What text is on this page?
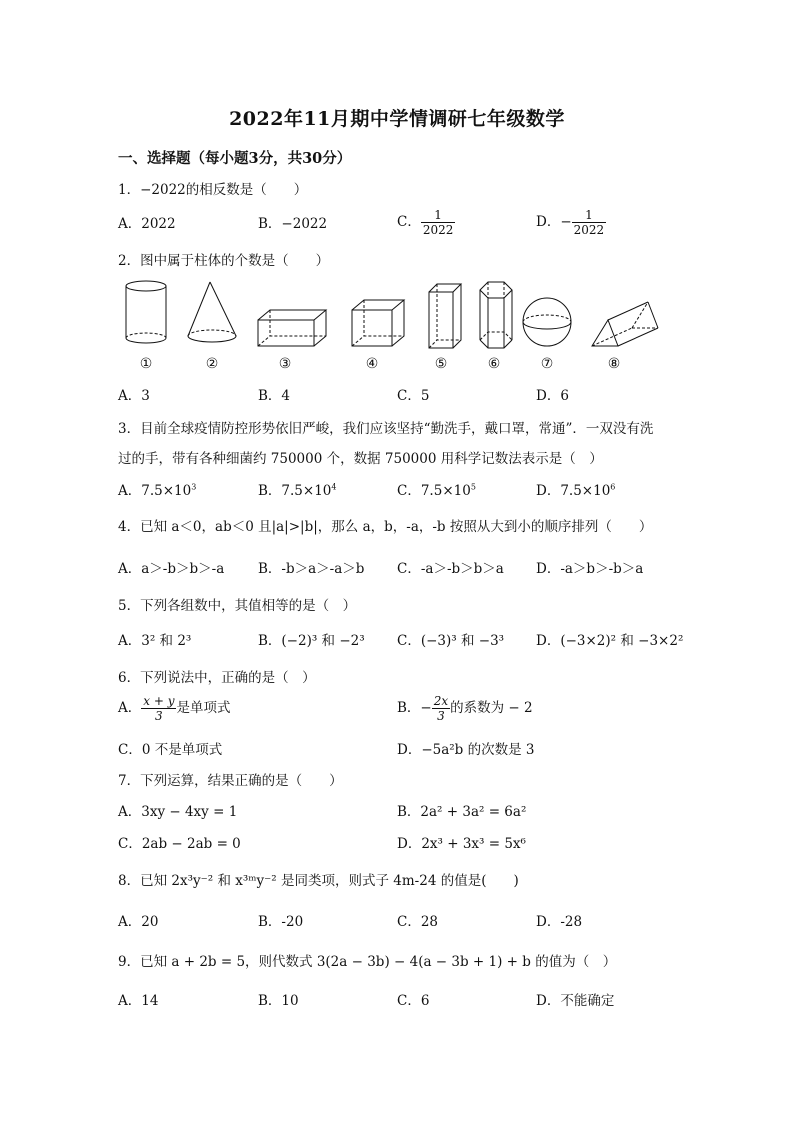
2022年11月期中学情调研七年级数学
一、选择题（每小题3分，共30分）
1．−2022的相反数是（　　）
A．2022	B．−2022	C． $\frac{1}{2022}$	D．− $\frac{1}{2022}$
2．图中属于柱体的个数是（　　）
①	②	③	④	⑤	⑥	⑦	⑧
A．3	B．4	C．5	D．6
3．目前全球疫情防控形势依旧严峻，我们应该坚持“勤洗手，戴口罩，常通”．一双没有洗
过的手，带有各种细菌约 750000 个，数据 750000 用科学记数法表示是（　）
A．$7.5\times 10^3$	B．$7.5\times 10^4$	C．$7.5\times 10^5$	D．$7.5\times 10^6$
4．已知 a＜0，ab＜0 且|a|>|b|，那么 a，b，-a，-b 按照从大到小的顺序排列（　　）
A．a＞-b＞b＞-a B．-b＞a＞-a＞b C．-a＞-b＞b＞a D．-a＞b＞-b＞a
5．下列各组数中，其值相等的是（　）
A．3² 和 2³	B．(−2)³ 和 −2³ C．(−3)³ 和 −3³ D．(−3×2)² 和 −3×2²
6．下列说法中，正确的是（　）
A． $\frac{x + y}{3}$ 是单项式	B．− $\frac{2x}{3}$ 的系数为 − 2
C．0 不是单项式	D．−5a²b 的次数是 3
7．下列运算，结果正确的是（　　）
A．3xy − 4xy = 1	B．2a² + 3a² = 6a²
C．2ab − 2ab = 0	D．2x³ + 3x³ = 5x⁶
8．已知 2x³y⁻² 和 x³ᵐy⁻² 是同类项，则式子 4m-24 的值是(　　)
A．20	B．-20	C．28	D．-28
9．已知 a + 2b = 5，则代数式 3(2a − 3b) − 4(a − 3b + 1) + b 的值为（　）
A．14	B．10	C．6	D．不能确定
